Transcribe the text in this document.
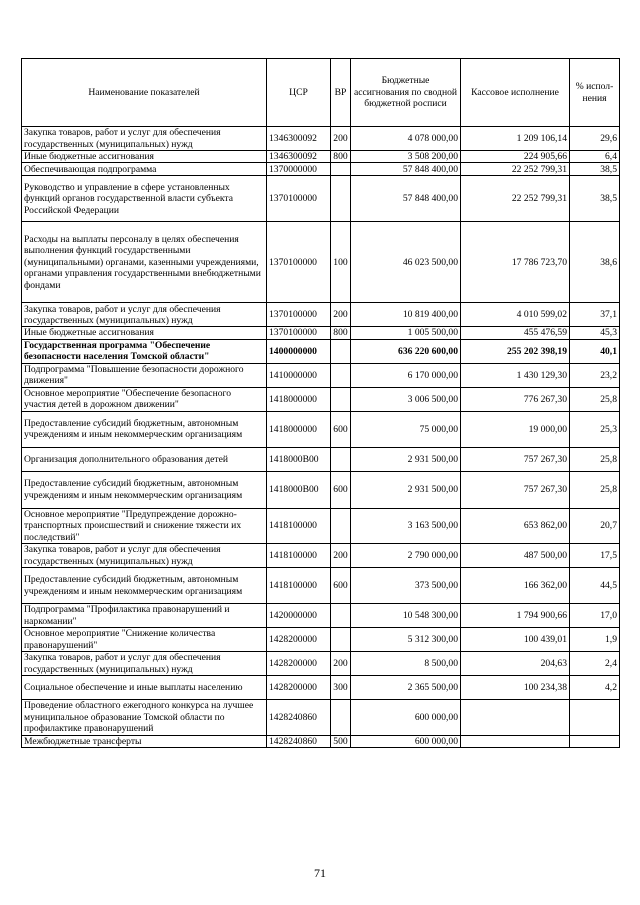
Наименование показателей	ЦСР	ВР	Бюджетные ассигнования по сводной бюджетной росписи	Кассовое исполнение	% испол-нения
Закупка товаров, работ и услуг для обеспечения государственных (муниципальных) нужд	1346300092	200	4 078 000,00	1 209 106,14	29,6
Иные бюджетные ассигнования	1346300092	800	3 508 200,00	224 905,66	6,4
Обеспечивающая подпрограмма	1370000000		57 848 400,00	22 252 799,31	38,5
Руководство и управление в сфере установленных функций органов государственной власти субъекта Российской Федерации	1370100000		57 848 400,00	22 252 799,31	38,5
Расходы на выплаты персоналу в целях обеспечения выполнения функций государственными (муниципальными) органами, казенными учреждениями, органами управления государственными внебюджетными фондами	1370100000	100	46 023 500,00	17 786 723,70	38,6
Закупка товаров, работ и услуг для обеспечения государственных (муниципальных) нужд	1370100000	200	10 819 400,00	4 010 599,02	37,1
Иные бюджетные ассигнования	1370100000	800	1 005 500,00	455 476,59	45,3
Государственная программа "Обеспечение безопасности населения Томской области"	1400000000		636 220 600,00	255 202 398,19	40,1
Подпрограмма "Повышение безопасности дорожного движения"	1410000000		6 170 000,00	1 430 129,30	23,2
Основное мероприятие "Обеспечение безопасного участия детей в дорожном движении"	1418000000		3 006 500,00	776 267,30	25,8
Предоставление субсидий бюджетным, автономным учреждениям и иным некоммерческим организациям	1418000000	600	75 000,00	19 000,00	25,3
Организация дополнительного образования детей	1418000В00		2 931 500,00	757 267,30	25,8
Предоставление субсидий бюджетным, автономным учреждениям и иным некоммерческим организациям	1418000В00	600	2 931 500,00	757 267,30	25,8
Основное мероприятие "Предупреждение дорожно-транспортных происшествий и снижение тяжести их последствий"	1418100000		3 163 500,00	653 862,00	20,7
Закупка товаров, работ и услуг для обеспечения государственных (муниципальных) нужд	1418100000	200	2 790 000,00	487 500,00	17,5
Предоставление субсидий бюджетным, автономным учреждениям и иным некоммерческим организациям	1418100000	600	373 500,00	166 362,00	44,5
Подпрограмма "Профилактика правонарушений и наркомании"	1420000000		10 548 300,00	1 794 900,66	17,0
Основное мероприятие "Снижение количества правонарушений"	1428200000		5 312 300,00	100 439,01	1,9
Закупка товаров, работ и услуг для обеспечения государственных (муниципальных) нужд	1428200000	200	8 500,00	204,63	2,4
Социальное обеспечение и иные выплаты населению	1428200000	300	2 365 500,00	100 234,38	4,2
Проведение областного ежегодного конкурса на лучшее муниципальное образование Томской области по профилактике правонарушений	1428240860		600 000,00		
Межбюджетные трансферты	1428240860	500	600 000,00		
71
